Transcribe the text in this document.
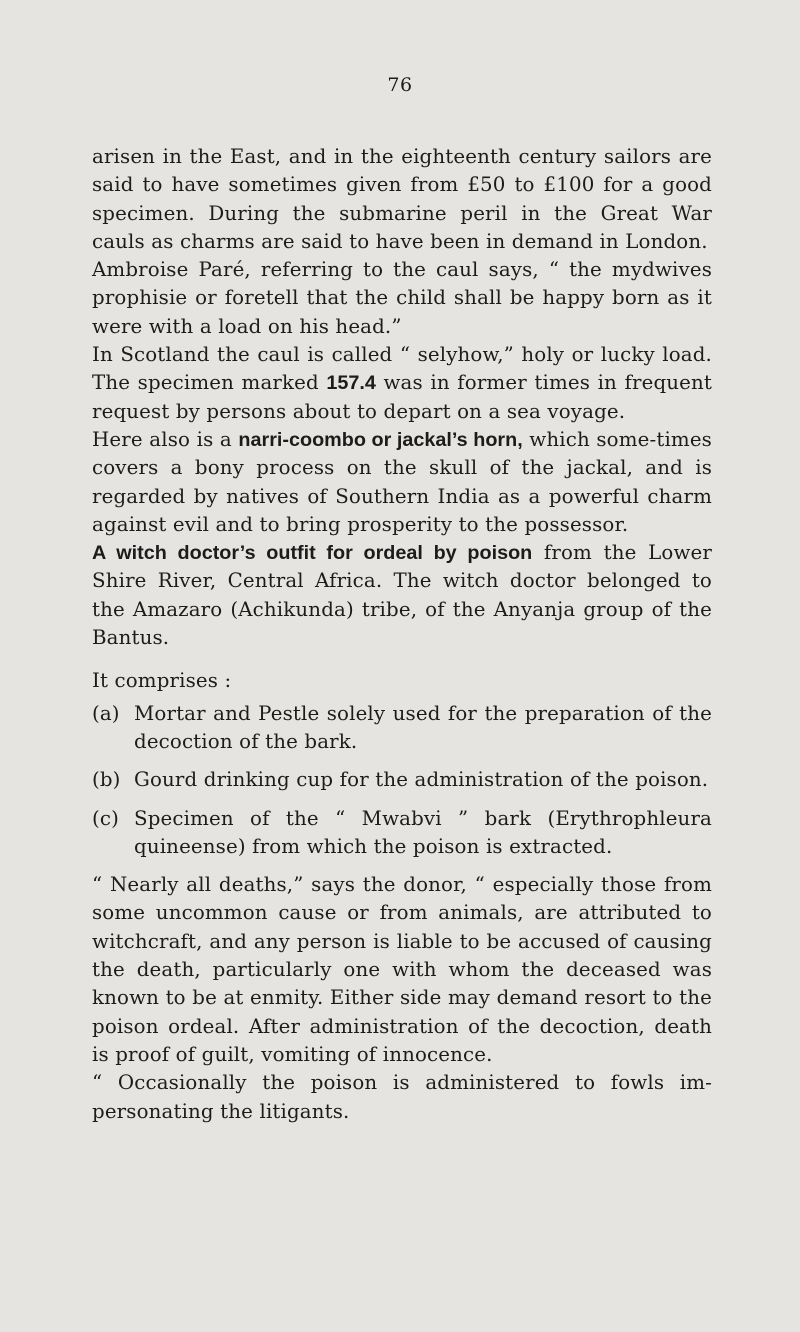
76

arisen in the East, and in the eighteenth century sailors are said to have sometimes given from £50 to £100 for a good specimen. During the submarine peril in the Great War cauls as charms are said to have been in demand in London.

Ambroise Paré, referring to the caul says, “ the mydwives prophisie or foretell that the child shall be happy born as it were with a load on his head.”

In Scotland the caul is called “ selyhow,” holy or lucky load. The specimen marked 157.4 was in former times in frequent request by persons about to depart on a sea voyage.

Here also is a narri-coombo or jackal’s horn, which some-times covers a bony process on the skull of the jackal, and is regarded by natives of Southern India as a powerful charm against evil and to bring prosperity to the possessor.

A witch doctor’s outfit for ordeal by poison from the Lower Shire River, Central Africa. The witch doctor belonged to the Amazaro (Achikunda) tribe, of the Anyanja group of the Bantus.

It comprises :

(a) Mortar and Pestle solely used for the preparation of the decoction of the bark.
(b) Gourd drinking cup for the administration of the poison.
(c) Specimen of the “ Mwabvi ” bark (Erythrophleura quineense) from which the poison is extracted.

“ Nearly all deaths,” says the donor, “ especially those from some uncommon cause or from animals, are attributed to witchcraft, and any person is liable to be accused of causing the death, particularly one with whom the deceased was known to be at enmity. Either side may demand resort to the poison ordeal. After administration of the decoction, death is proof of guilt, vomiting of innocence.

“ Occasionally the poison is administered to fowls im-personating the litigants.
